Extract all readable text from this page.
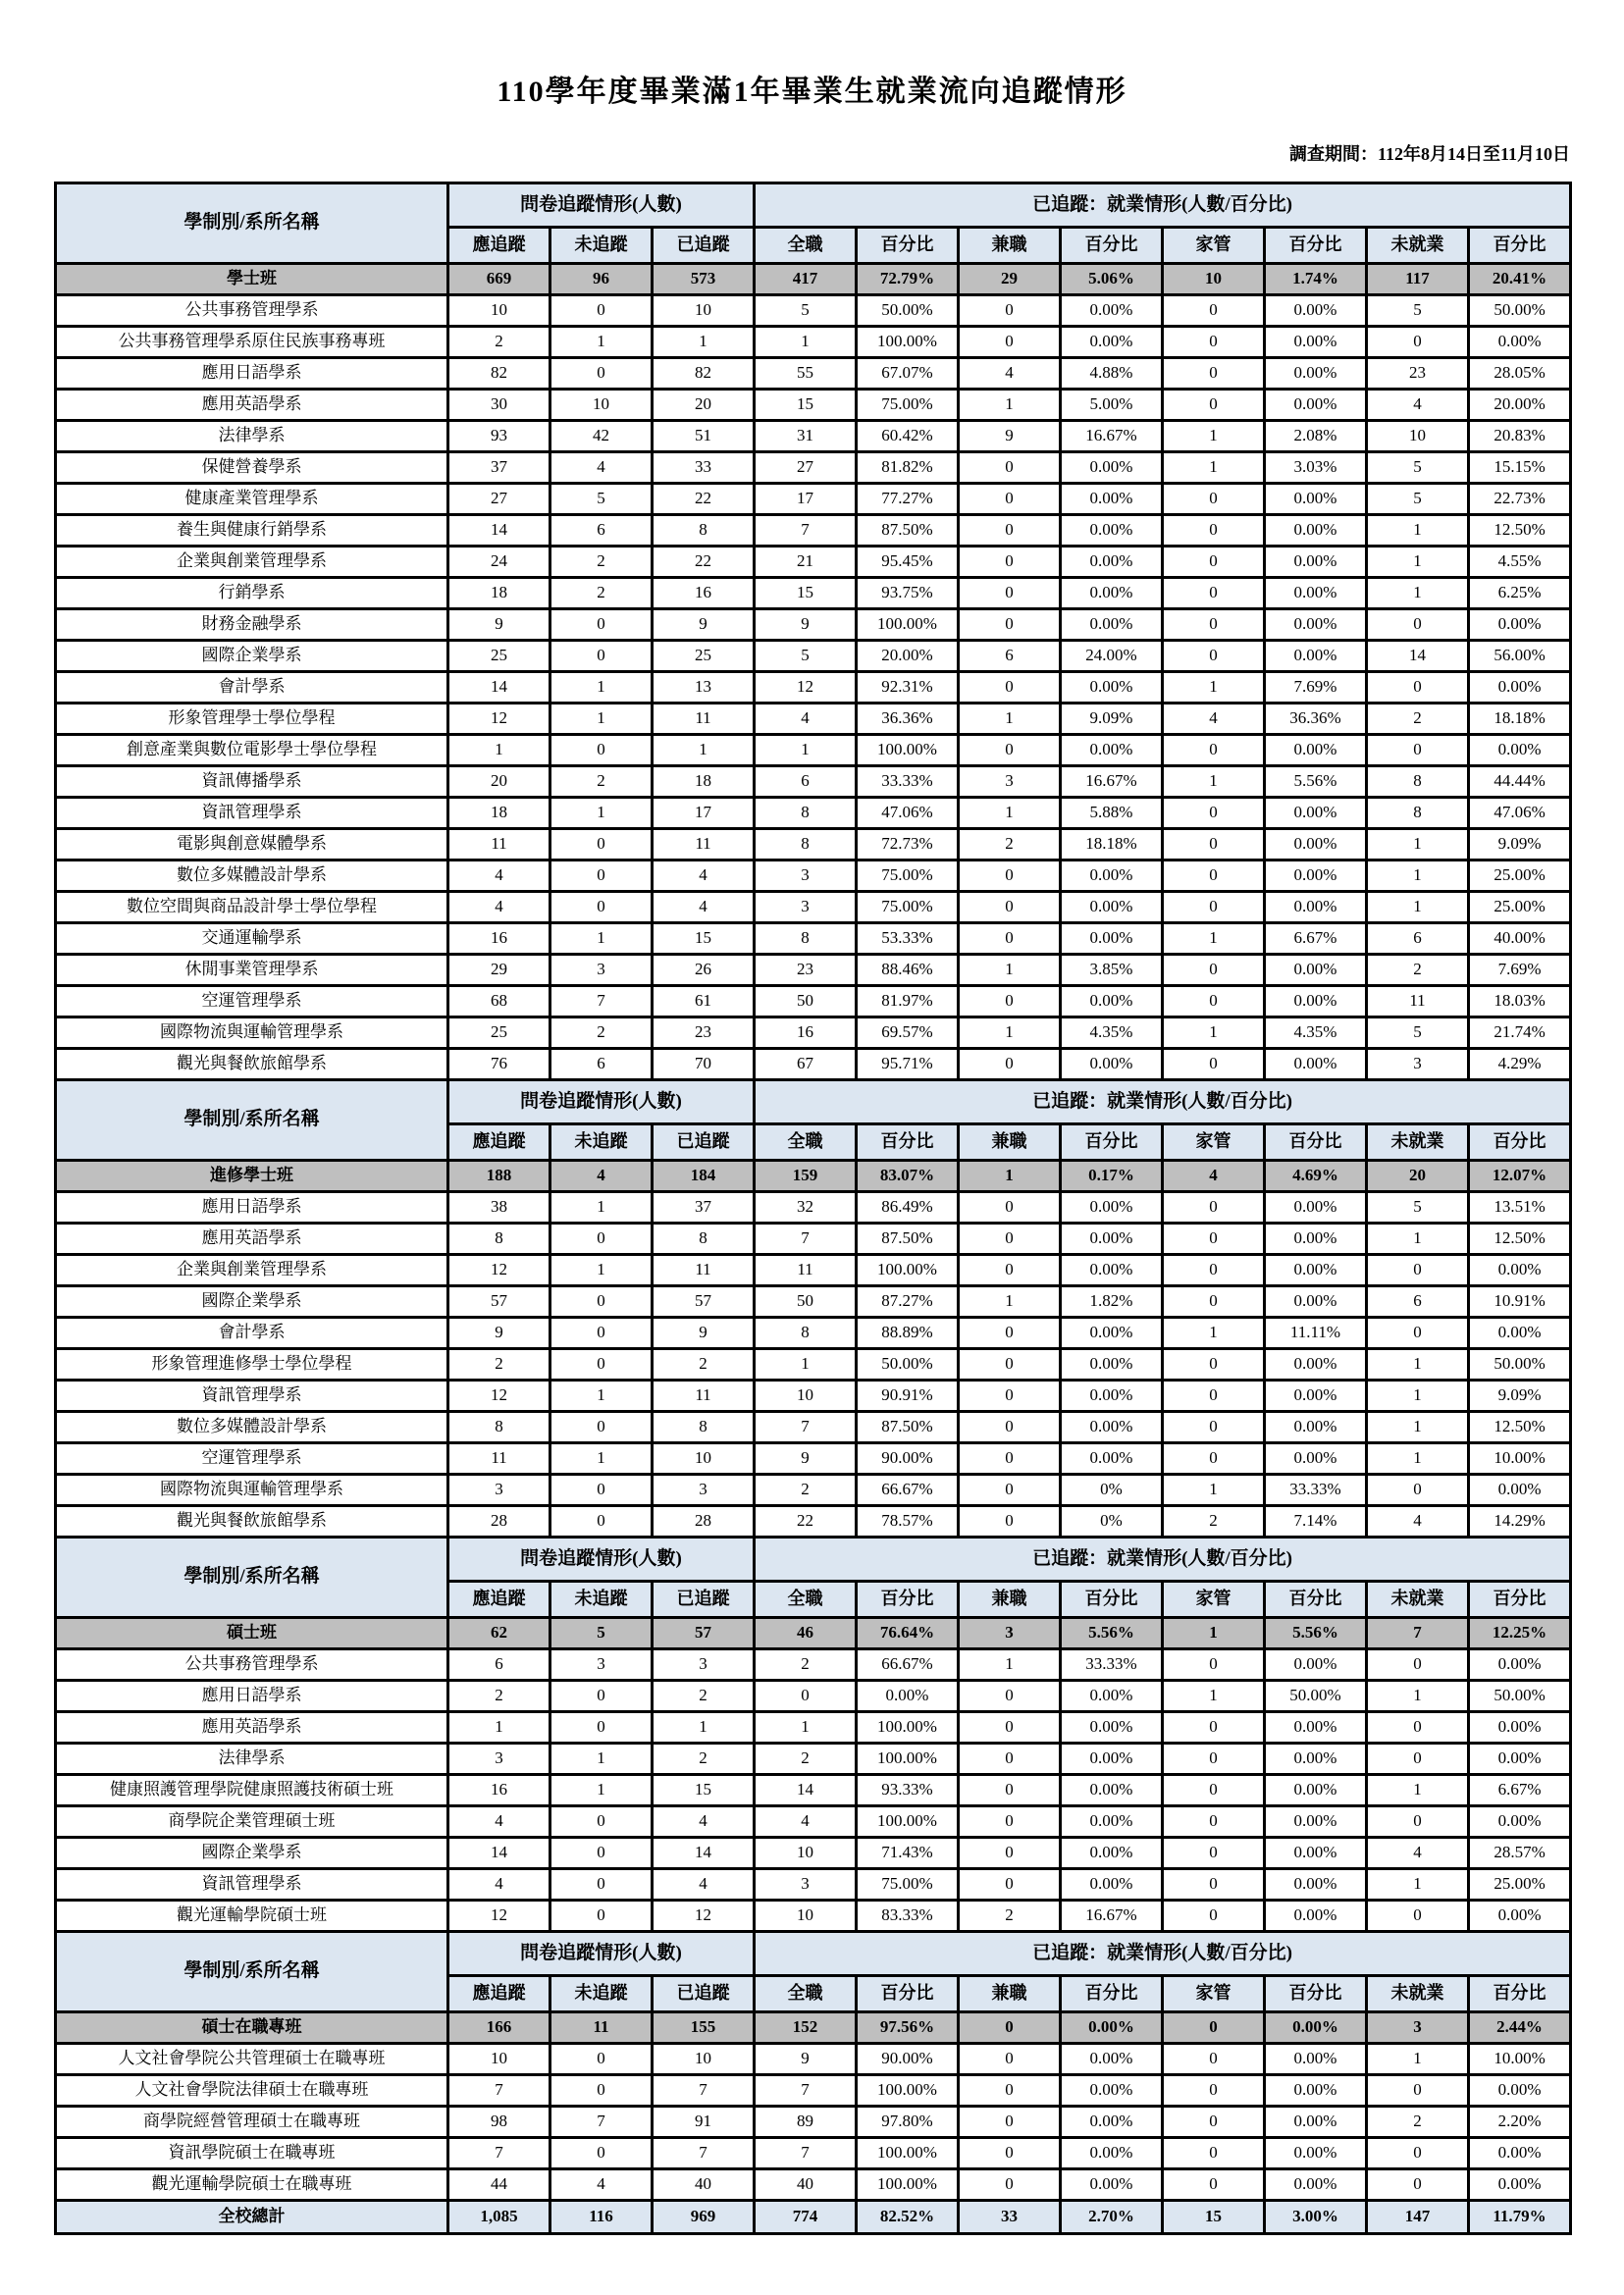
110學年度畢業滿1年畢業生就業流向追蹤情形
調查期間：112年8月14日至11月10日
學制別/系所名稱	問卷追蹤情形(人數)			已追蹤：就業情形(人數/百分比)							
	應追蹤	未追蹤	已追蹤	全職	百分比	兼職	百分比	家管	百分比	未就業	百分比
學士班	669	96	573	417	72.79%	29	5.06%	10	1.74%	117	20.41%
公共事務管理學系	10	0	10	5	50.00%	0	0.00%	0	0.00%	5	50.00%
公共事務管理學系原住民族事務專班	2	1	1	1	100.00%	0	0.00%	0	0.00%	0	0.00%
應用日語學系	82	0	82	55	67.07%	4	4.88%	0	0.00%	23	28.05%
應用英語學系	30	10	20	15	75.00%	1	5.00%	0	0.00%	4	20.00%
法律學系	93	42	51	31	60.42%	9	16.67%	1	2.08%	10	20.83%
保健營養學系	37	4	33	27	81.82%	0	0.00%	1	3.03%	5	15.15%
健康產業管理學系	27	5	22	17	77.27%	0	0.00%	0	0.00%	5	22.73%
養生與健康行銷學系	14	6	8	7	87.50%	0	0.00%	0	0.00%	1	12.50%
企業與創業管理學系	24	2	22	21	95.45%	0	0.00%	0	0.00%	1	4.55%
行銷學系	18	2	16	15	93.75%	0	0.00%	0	0.00%	1	6.25%
財務金融學系	9	0	9	9	100.00%	0	0.00%	0	0.00%	0	0.00%
國際企業學系	25	0	25	5	20.00%	6	24.00%	0	0.00%	14	56.00%
會計學系	14	1	13	12	92.31%	0	0.00%	1	7.69%	0	0.00%
形象管理學士學位學程	12	1	11	4	36.36%	1	9.09%	4	36.36%	2	18.18%
創意產業與數位電影學士學位學程	1	0	1	1	100.00%	0	0.00%	0	0.00%	0	0.00%
資訊傳播學系	20	2	18	6	33.33%	3	16.67%	1	5.56%	8	44.44%
資訊管理學系	18	1	17	8	47.06%	1	5.88%	0	0.00%	8	47.06%
電影與創意媒體學系	11	0	11	8	72.73%	2	18.18%	0	0.00%	1	9.09%
數位多媒體設計學系	4	0	4	3	75.00%	0	0.00%	0	0.00%	1	25.00%
數位空間與商品設計學士學位學程	4	0	4	3	75.00%	0	0.00%	0	0.00%	1	25.00%
交通運輸學系	16	1	15	8	53.33%	0	0.00%	1	6.67%	6	40.00%
休閒事業管理學系	29	3	26	23	88.46%	1	3.85%	0	0.00%	2	7.69%
空運管理學系	68	7	61	50	81.97%	0	0.00%	0	0.00%	11	18.03%
國際物流與運輸管理學系	25	2	23	16	69.57%	1	4.35%	1	4.35%	5	21.74%
觀光與餐飲旅館學系	76	6	70	67	95.71%	0	0.00%	0	0.00%	3	4.29%
學制別/系所名稱	問卷追蹤情形(人數)			已追蹤：就業情形(人數/百分比)							
	應追蹤	未追蹤	已追蹤	全職	百分比	兼職	百分比	家管	百分比	未就業	百分比
進修學士班	188	4	184	159	83.07%	1	0.17%	4	4.69%	20	12.07%
應用日語學系	38	1	37	32	86.49%	0	0.00%	0	0.00%	5	13.51%
應用英語學系	8	0	8	7	87.50%	0	0.00%	0	0.00%	1	12.50%
企業與創業管理學系	12	1	11	11	100.00%	0	0.00%	0	0.00%	0	0.00%
國際企業學系	57	0	57	50	87.27%	1	1.82%	0	0.00%	6	10.91%
會計學系	9	0	9	8	88.89%	0	0.00%	1	11.11%	0	0.00%
形象管理進修學士學位學程	2	0	2	1	50.00%	0	0.00%	0	0.00%	1	50.00%
資訊管理學系	12	1	11	10	90.91%	0	0.00%	0	0.00%	1	9.09%
數位多媒體設計學系	8	0	8	7	87.50%	0	0.00%	0	0.00%	1	12.50%
空運管理學系	11	1	10	9	90.00%	0	0.00%	0	0.00%	1	10.00%
國際物流與運輸管理學系	3	0	3	2	66.67%	0	0%	1	33.33%	0	0.00%
觀光與餐飲旅館學系	28	0	28	22	78.57%	0	0%	2	7.14%	4	14.29%
學制別/系所名稱	問卷追蹤情形(人數)			已追蹤：就業情形(人數/百分比)							
	應追蹤	未追蹤	已追蹤	全職	百分比	兼職	百分比	家管	百分比	未就業	百分比
碩士班	62	5	57	46	76.64%	3	5.56%	1	5.56%	7	12.25%
公共事務管理學系	6	3	3	2	66.67%	1	33.33%	0	0.00%	0	0.00%
應用日語學系	2	0	2	0	0.00%	0	0.00%	1	50.00%	1	50.00%
應用英語學系	1	0	1	1	100.00%	0	0.00%	0	0.00%	0	0.00%
法律學系	3	1	2	2	100.00%	0	0.00%	0	0.00%	0	0.00%
健康照護管理學院健康照護技術碩士班	16	1	15	14	93.33%	0	0.00%	0	0.00%	1	6.67%
商學院企業管理碩士班	4	0	4	4	100.00%	0	0.00%	0	0.00%	0	0.00%
國際企業學系	14	0	14	10	71.43%	0	0.00%	0	0.00%	4	28.57%
資訊管理學系	4	0	4	3	75.00%	0	0.00%	0	0.00%	1	25.00%
觀光運輸學院碩士班	12	0	12	10	83.33%	2	16.67%	0	0.00%	0	0.00%
學制別/系所名稱	問卷追蹤情形(人數)			已追蹤：就業情形(人數/百分比)							
	應追蹤	未追蹤	已追蹤	全職	百分比	兼職	百分比	家管	百分比	未就業	百分比
碩士在職專班	166	11	155	152	97.56%	0	0.00%	0	0.00%	3	2.44%
人文社會學院公共管理碩士在職專班	10	0	10	9	90.00%	0	0.00%	0	0.00%	1	10.00%
人文社會學院法律碩士在職專班	7	0	7	7	100.00%	0	0.00%	0	0.00%	0	0.00%
商學院經營管理碩士在職專班	98	7	91	89	97.80%	0	0.00%	0	0.00%	2	2.20%
資訊學院碩士在職專班	7	0	7	7	100.00%	0	0.00%	0	0.00%	0	0.00%
觀光運輸學院碩士在職專班	44	4	40	40	100.00%	0	0.00%	0	0.00%	0	0.00%
全校總計	1,085	116	969	774	82.52%	33	2.70%	15	3.00%	147	11.79%
